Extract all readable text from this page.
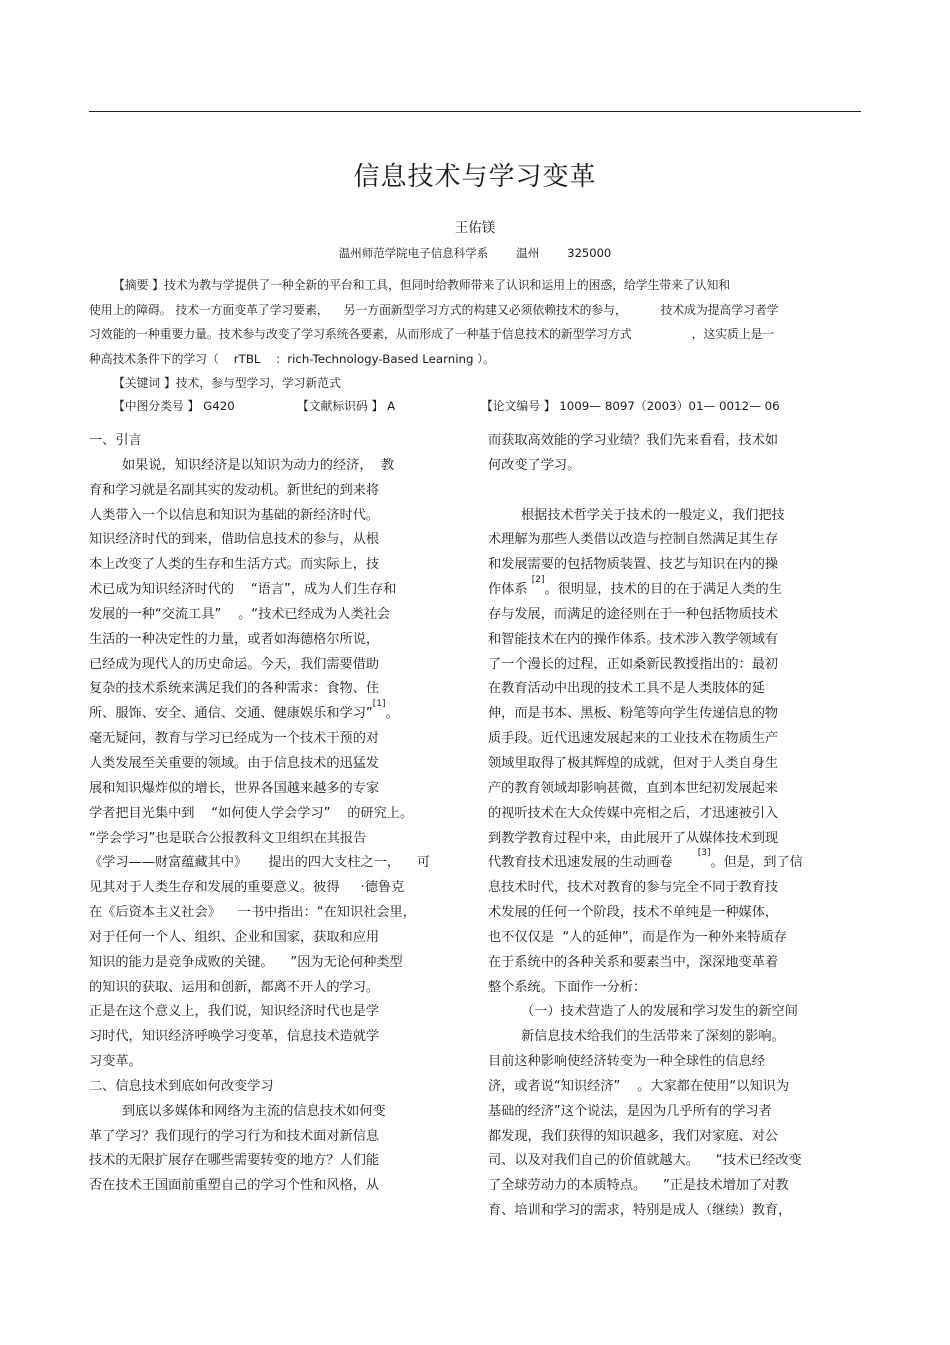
信息技术与学习变革
王佑镁
温州师范学院电子信息科学系 温州 325000

【摘要 】技术为教与学提供了一种全新的平台和工具，但同时给教师带来了认识和运用上的困惑，给学生带来了认知和

使用上的障碍。 技术一方面变革了学习要素，    另一方面新型学习方式的构建又必须依赖技术的参与，         技术成为提高学习者学

习效能的一种重要力量。技术参与改变了学习系统各要素，从而形成了一种基于信息技术的新型学习方式                ，这实质上是一

种高技术条件下的学习（    rTBL    ：rich-Technology-Based Learning ）。

【关键词 】技术，参与型学习，学习新范式

【中图分类号 】 G420	【文献标识码 】 A	【论文编号 】 1009— 8097（2003）01— 0012— 06
一、引言
如果说，知识经济是以知识为动力的经济，  教
育和学习就是名副其实的发动机。新世纪的到来将
人类带入一个以信息和知识为基础的新经济时代。
知识经济时代的到来，借助信息技术的参与，从根
本上改变了人类的生存和生活方式。而实际上，技
术已成为知识经济时代的    “语言”，成为人们生存和
发展的一种“交流工具”    。“技术已经成为人类社会
生活的一种决定性的力量，或者如海德格尔所说，
已经成为现代人的历史命运。今天，我们需要借助
复杂的技术系统来满足我们的各种需求：食物、住
所、服饰、安全、通信、交通、健康娱乐和学习”[1]。
毫无疑问，教育与学习已经成为一个技术干预的对
人类发展至关重要的领域。由于信息技术的迅猛发
展和知识爆炸似的增长，世界各国越来越多的专家
学者把目光集中到    “如何使人学会学习”    的研究上。
“学会学习”也是联合公报教科文卫组织在其报告
《学习——财富蕴藏其中》     提出的四大支柱之一，    可
见其对于人类生存和发展的重要意义。彼得     ·德鲁克
在《后资本主义社会》    一书中指出：“在知识社会里，
对于任何一个人、组织、企业和国家，获取和应用
知识的能力是竞争成败的关键。    ”因为无论何种类型
的知识的获取、运用和创新，都离不开人的学习。
正是在这个意义上，我们说，知识经济时代也是学
习时代，知识经济呼唤学习变革，信息技术造就学
习变革。
二、信息技术到底如何改变学习
到底以多媒体和网络为主流的信息技术如何变
革了学习？我们现行的学习行为和技术面对新信息
技术的无限扩展存在哪些需要转变的地方？人们能
否在技术王国面前重塑自己的学习个性和风格，从
而获取高效能的学习业绩？我们先来看看，技术如
何改变了学习。
根据技术哲学关于技术的一般定义，我们把技
术理解为那些人类借以改造与控制自然满足其生存
和发展需要的包括物质装置、技艺与知识在内的操
作体系 [2]。很明显，技术的目的在于满足人类的生
存与发展，而满足的途径则在于一种包括物质技术
和智能技术在内的操作体系。技术涉入教学领域有
了一个漫长的过程，正如桑新民教授指出的：最初
在教育活动中出现的技术工具不是人类肢体的延
伸，而是书本、黑板、粉笔等向学生传递信息的物
质手段。近代迅速发展起来的工业技术在物质生产
领域里取得了极其辉煌的成就，但对于人类自身生
产的教育领域却影响甚微，直到本世纪初发展起来
的视听技术在大众传媒中亮相之后，才迅速被引入
到教学教育过程中来，由此展开了从媒体技术到现
代教育技术迅速发展的生动画卷      [3]。但是，到了信
息技术时代，技术对教育的参与完全不同于教育技
术发展的任何一个阶段，技术不单纯是一种媒体，
也不仅仅是  “人的延伸”，而是作为一种外来特质存
在于系统中的各种关系和要素当中，深深地变革着
整个系统。下面作一分析：
（一）技术营造了人的发展和学习发生的新空间
新信息技术给我们的生活带来了深刻的影响。
目前这种影响使经济转变为一种全球性的信息经
济，或者说“知识经济”    。大家都在使用“以知识为
基础的经济”这个说法，是因为几乎所有的学习者
都发现，我们获得的知识越多，我们对家庭、对公
司、以及对我们自己的价值就越大。    “技术已经改变
了全球劳动力的本质特点。    ”正是技术增加了对教
育、培训和学习的需求，特别是成人（继续）教育，
